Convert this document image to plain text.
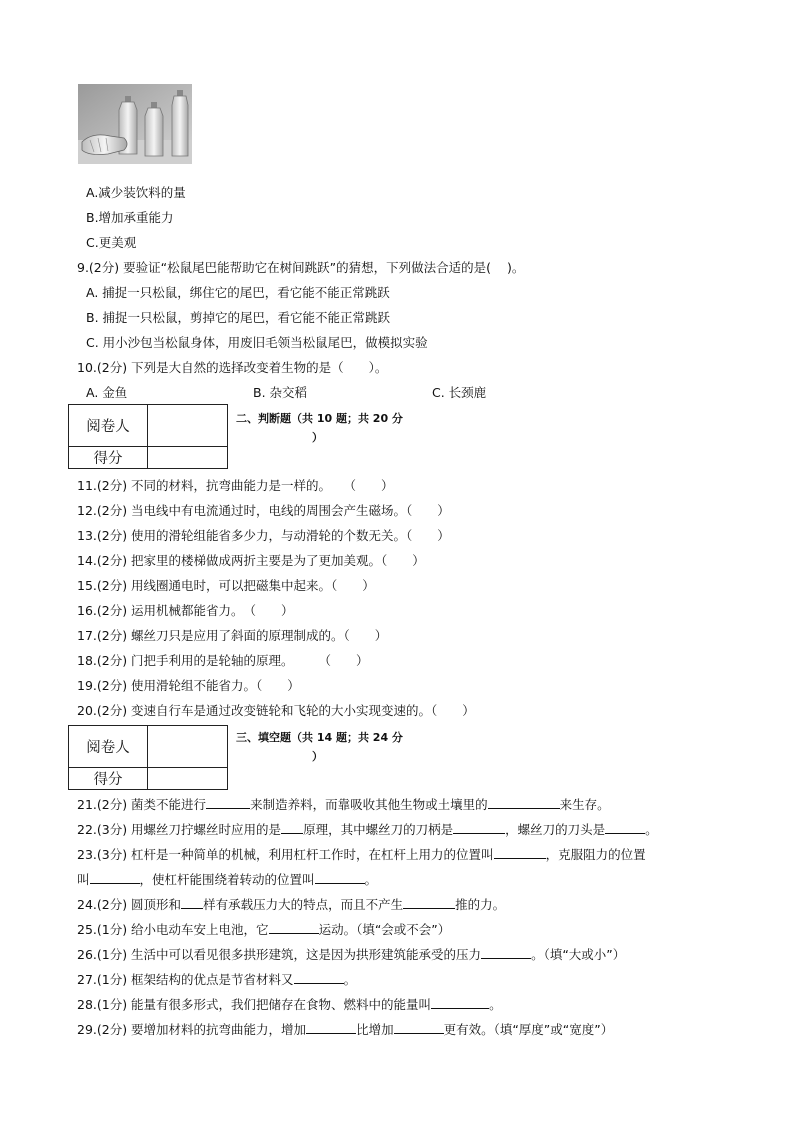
A.减少装饮料的量
B.增加承重能力
C.更美观
9.(2分) 要验证“松鼠尾巴能帮助它在树间跳跃”的猜想，下列做法合适的是( )。
A. 捕捉一只松鼠，绑住它的尾巴，看它能不能正常跳跃
B. 捕捉一只松鼠，剪掉它的尾巴，看它能不能正常跳跃
C. 用小沙包当松鼠身体，用废旧毛领当松鼠尾巴，做模拟实验
10.(2分) 下列是大自然的选择改变着生物的是（　　）。
A. 金鱼	B. 杂交稻	C. 长颈鹿
阅卷人	
得分	
二、判断题（共 10 题；共 20 分
）
11.(2分) 不同的材料，抗弯曲能力是一样的。　　（　　）
12.(2分) 当电线中有电流通过时，电线的周围会产生磁场。（　　）
13.(2分) 使用的滑轮组能省多少力，与动滑轮的个数无关。（　　）
14.(2分) 把家里的楼梯做成两折主要是为了更加美观。（　　）
15.(2分) 用线圈通电时，可以把磁集中起来。（　　）
16.(2分) 运用机械都能省力。　（　　）
17.(2分) 螺丝刀只是应用了斜面的原理制成的。（　　）
18.(2分) 门把手利用的是轮轴的原理。　　　（　　）
19.(2分) 使用滑轮组不能省力。（　　）
20.(2分) 变速自行车是通过改变链轮和飞轮的大小实现变速的。（　　）
阅卷人	
得分	
三、填空题（共 14 题；共 24 分
）
21.(2分) 菌类不能进行	来制造养料，而靠吸收其他生物或土壤里的	来生存。
22.(3分) 用螺丝刀拧螺丝时应用的是 原理，其中螺丝刀的刀柄是	，螺丝刀的刀头是	。
23.(3分) 杠杆是一种简单的机械，利用杠杆工作时，在杠杆上用力的位置叫	，克服阻力的位置
叫	，使杠杆能围绕着转动的位置叫	。
24.(2分) 圆顶形和 样有承载压力大的特点，而且不产生	推的力。
25.(1分) 给小电动车安上电池，它	运动。（填“会或不会”）
26.(1分) 生活中可以看见很多拱形建筑，这是因为拱形建筑能承受的压力	。（填“大或小”）
27.(1分) 框架结构的优点是节省材料又	。
28.(1分) 能量有很多形式，我们把储存在食物、燃料中的能量叫	。
29.(2分) 要增加材料的抗弯曲能力，增加	比增加	更有效。（填“厚度”或“宽度”）
